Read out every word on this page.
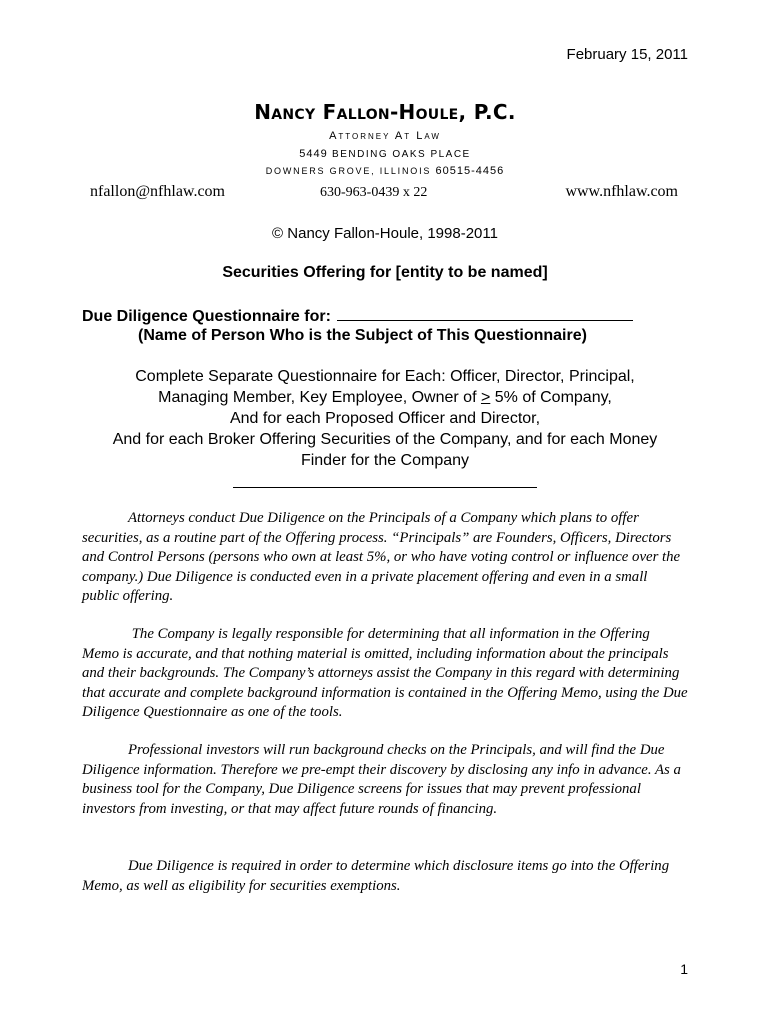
February 15, 2011
Nancy Fallon-Houle, P.C.
Attorney At Law
5449 BENDING OAKS PLACE
DOWNERS GROVE, ILLINOIS 60515-4456
nfallon@nfhlaw.com	630-963-0439 x 22	www.nfhlaw.com
© Nancy Fallon-Houle, 1998-2011
Securities Offering for [entity to be named]
Due Diligence Questionnaire for:
(Name of Person Who is the Subject of This Questionnaire)
Complete Separate Questionnaire for Each: Officer, Director, Principal,
Managing Member, Key Employee, Owner of > 5% of Company,
And for each Proposed Officer and Director,
And for each Broker Offering Securities of the Company, and for each Money
Finder for the Company
Attorneys conduct Due Diligence on the Principals of a Company which plans to offer securities, as a routine part of the Offering process. “Principals” are Founders, Officers, Directors and Control Persons (persons who own at least 5%, or who have voting control or influence over the company.) Due Diligence is conducted even in a private placement offering and even in a small public offering.
The Company is legally responsible for determining that all information in the Offering Memo is accurate, and that nothing material is omitted, including information about the principals and their backgrounds. The Company’s attorneys assist the Company in this regard with determining that accurate and complete background information is contained in the Offering Memo, using the Due Diligence Questionnaire as one of the tools.
Professional investors will run background checks on the Principals, and will find the Due Diligence information. Therefore we pre-empt their discovery by disclosing any info in advance. As a business tool for the Company, Due Diligence screens for issues that may prevent professional investors from investing, or that may affect future rounds of financing.
Due Diligence is required in order to determine which disclosure items go into the Offering Memo, as well as eligibility for securities exemptions.
1
